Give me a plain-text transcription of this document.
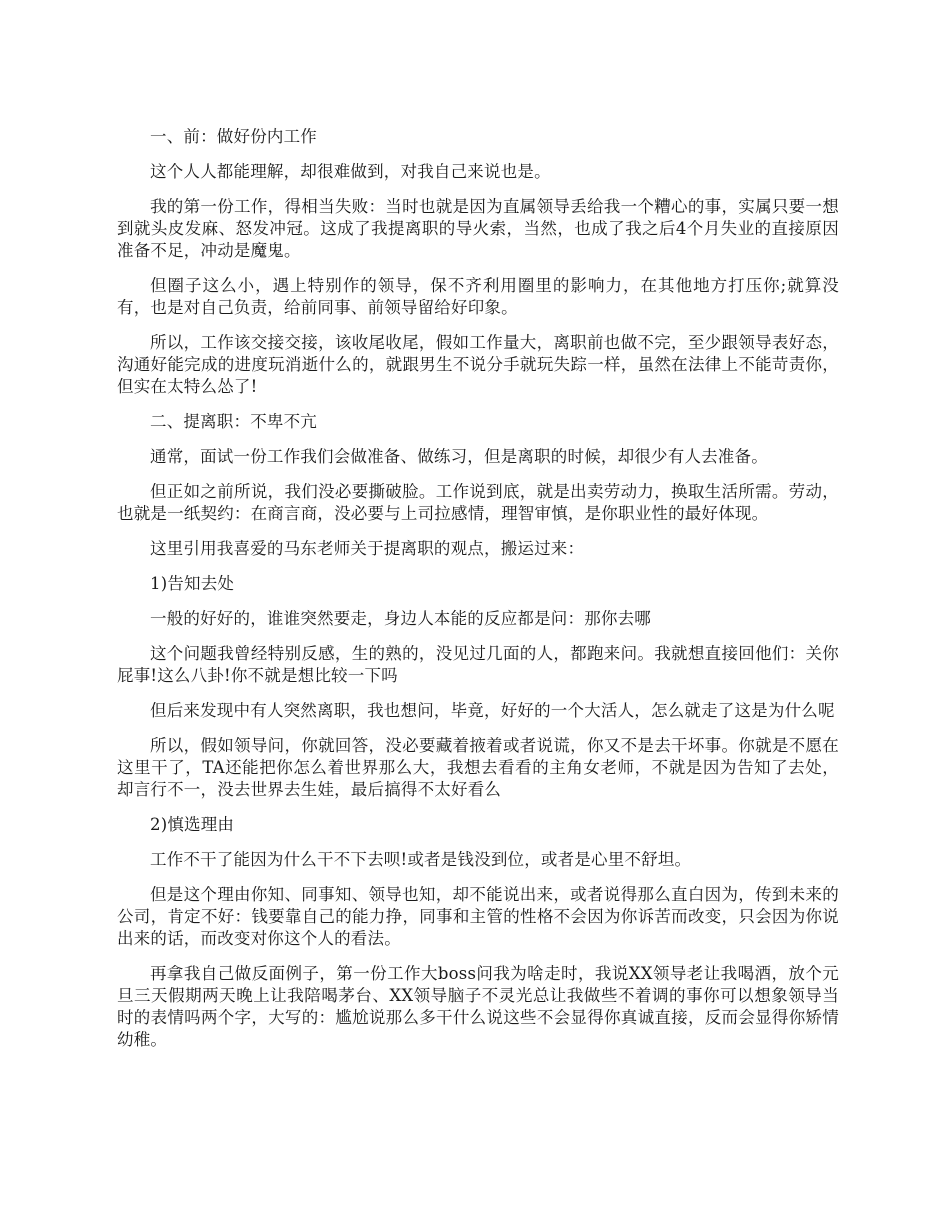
一、前：做好份内工作

这个人人都能理解，却很难做到，对我自己来说也是。

我的第一份工作，得相当失败：当时也就是因为直属领导丢给我一个糟心的事，实属只要一想到就头皮发麻、怒发冲冠。这成了我提离职的导火索，当然，也成了我之后4个月失业的直接原因准备不足，冲动是魔鬼。

但圈子这么小，遇上特别作的领导，保不齐利用圈里的影响力，在其他地方打压你;就算没有，也是对自己负责，给前同事、前领导留给好印象。

所以，工作该交接交接，该收尾收尾，假如工作量大，离职前也做不完，至少跟领导表好态，沟通好能完成的进度玩消逝什么的，就跟男生不说分手就玩失踪一样，虽然在法律上不能苛责你，但实在太特么怂了!

二、提离职：不卑不亢

通常，面试一份工作我们会做准备、做练习，但是离职的时候，却很少有人去准备。

但正如之前所说，我们没必要撕破脸。工作说到底，就是出卖劳动力，换取生活所需。劳动，也就是一纸契约：在商言商，没必要与上司拉感情，理智审慎，是你职业性的最好体现。

这里引用我喜爱的马东老师关于提离职的观点，搬运过来：

1)告知去处

一般的好好的，谁谁突然要走，身边人本能的反应都是问：那你去哪

这个问题我曾经特别反感，生的熟的，没见过几面的人，都跑来问。我就想直接回他们：关你屁事!这么八卦!你不就是想比较一下吗

但后来发现中有人突然离职，我也想问，毕竟，好好的一个大活人，怎么就走了这是为什么呢

所以，假如领导问，你就回答，没必要藏着掖着或者说谎，你又不是去干坏事。你就是不愿在这里干了，TA还能把你怎么着世界那么大，我想去看看的主角女老师，不就是因为告知了去处，却言行不一，没去世界去生娃，最后搞得不太好看么

2)慎选理由

工作不干了能因为什么干不下去呗!或者是钱没到位，或者是心里不舒坦。

但是这个理由你知、同事知、领导也知，却不能说出来，或者说得那么直白因为，传到未来的公司，肯定不好：钱要靠自己的能力挣，同事和主管的性格不会因为你诉苦而改变，只会因为你说出来的话，而改变对你这个人的看法。

再拿我自己做反面例子，第一份工作大boss问我为啥走时，我说XX领导老让我喝酒，放个元旦三天假期两天晚上让我陪喝茅台、XX领导脑子不灵光总让我做些不着调的事你可以想象领导当时的表情吗两个字，大写的：尴尬说那么多干什么说这些不会显得你真诚直接，反而会显得你矫情幼稚。
